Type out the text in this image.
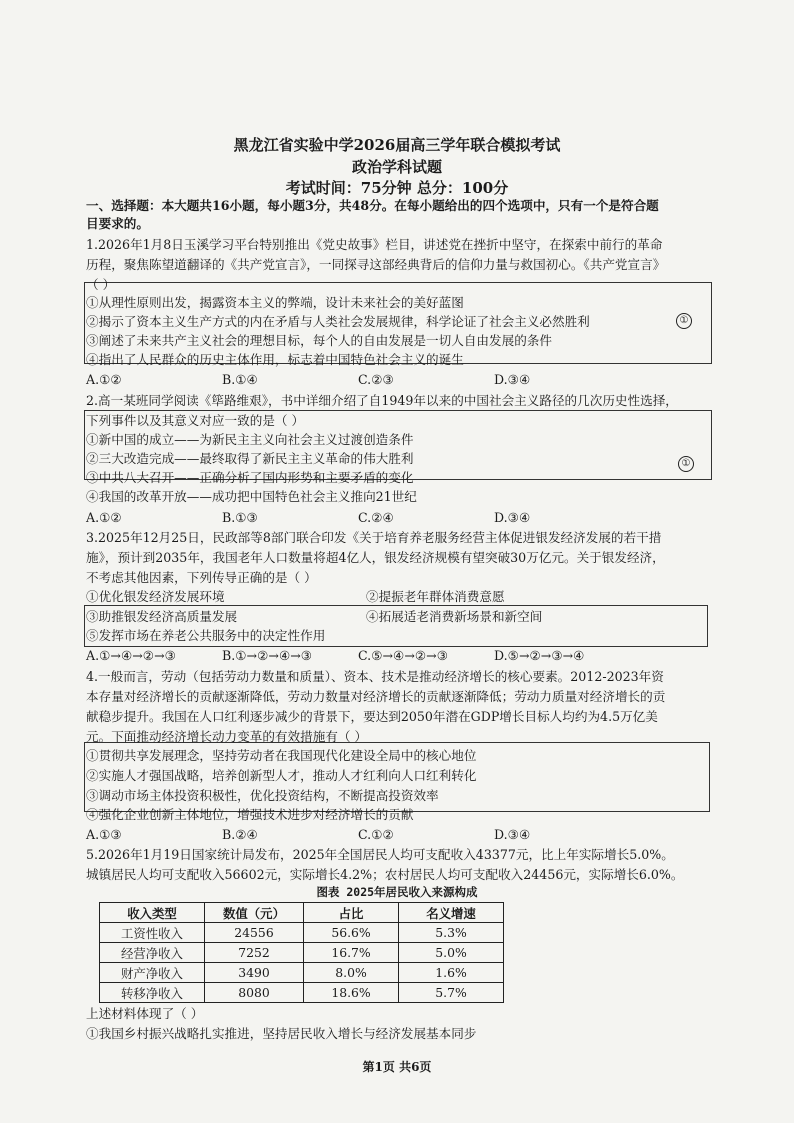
黑龙江省实验中学2026届高三学年联合模拟考试
政治学科试题
考试时间：75分钟 总分：100分
一、选择题：本大题共16小题，每小题3分，共48分。在每小题给出的四个选项中，只有一个是符合题
目要求的。
1.2026年1月8日玉溪学习平台特别推出《党史故事》栏目，讲述党在挫折中坚守，在探索中前行的革命
历程，聚焦陈望道翻译的《共产党宣言》，一同探寻这部经典背后的信仰力量与救国初心。《共产党宣言》
（ ）
①从理性原则出发，揭露资本主义的弊端，设计未来社会的美好蓝图
②揭示了资本主义生产方式的内在矛盾与人类社会发展规律，科学论证了社会主义必然胜利
③阐述了未来共产主义社会的理想目标，每个人的自由发展是一切人自由发展的条件
④指出了人民群众的历史主体作用，标志着中国特色社会主义的诞生
①
A.①②	B.①④	C.②③	D.③④
2.高一某班同学阅读《筚路维艰》，书中详细介绍了自1949年以来的中国社会主义路径的几次历史性选择，
下列事件以及其意义对应一致的是（ ）
①新中国的成立——为新民主主义向社会主义过渡创造条件
②三大改造完成——最终取得了新民主主义革命的伟大胜利
③中共八大召开——正确分析了国内形势和主要矛盾的变化
④我国的改革开放——成功把中国特色社会主义推向21世纪
①
A.①②	B.①③	C.②④	D.③④
3.2025年12月25日，民政部等8部门联合印发《关于培育养老服务经营主体促进银发经济发展的若干措
施》，预计到2035年，我国老年人口数量将超4亿人，银发经济规模有望突破30万亿元。关于银发经济，
不考虑其他因素，下列传导正确的是（ ）
①优化银发经济发展环境	②提振老年群体消费意愿
③助推银发经济高质量发展	④拓展适老消费新场景和新空间
⑤发挥市场在养老公共服务中的决定性作用
A.①→④→②→③	B.①→②→④→③	C.⑤→④→②→③	D.⑤→②→③→④
4.一般而言，劳动（包括劳动力数量和质量）、资本、技术是推动经济增长的核心要素。2012-2023年资
本存量对经济增长的贡献逐渐降低，劳动力数量对经济增长的贡献逐渐降低；劳动力质量对经济增长的贡
献稳步提升。我国在人口红利逐步减少的背景下，要达到2050年潜在GDP增长目标人均约为4.5万亿美
元。下面推动经济增长动力变革的有效措施有（ ）
①贯彻共享发展理念，坚持劳动者在我国现代化建设全局中的核心地位
②实施人才强国战略，培养创新型人才，推动人才红利向人口红利转化
③调动市场主体投资积极性，优化投资结构，不断提高投资效率
④强化企业创新主体地位，增强技术进步对经济增长的贡献
A.①③	B.②④	C.①②	D.③④
5.2026年1月19日国家统计局发布，2025年全国居民人均可支配收入43377元，比上年实际增长5.0%。
城镇居民人均可支配收入56602元，实际增长4.2%；农村居民人均可支配收入24456元，实际增长6.0%。
图表 2025年居民收入来源构成
收入类型	数值（元）	占比	名义增速
工资性收入	24556	56.6%	5.3%
经营净收入	7252	16.7%	5.0%
财产净收入	3490	8.0%	1.6%
转移净收入	8080	18.6%	5.7%
上述材料体现了（ ）
①我国乡村振兴战略扎实推进，坚持居民收入增长与经济发展基本同步
第1页 共6页
